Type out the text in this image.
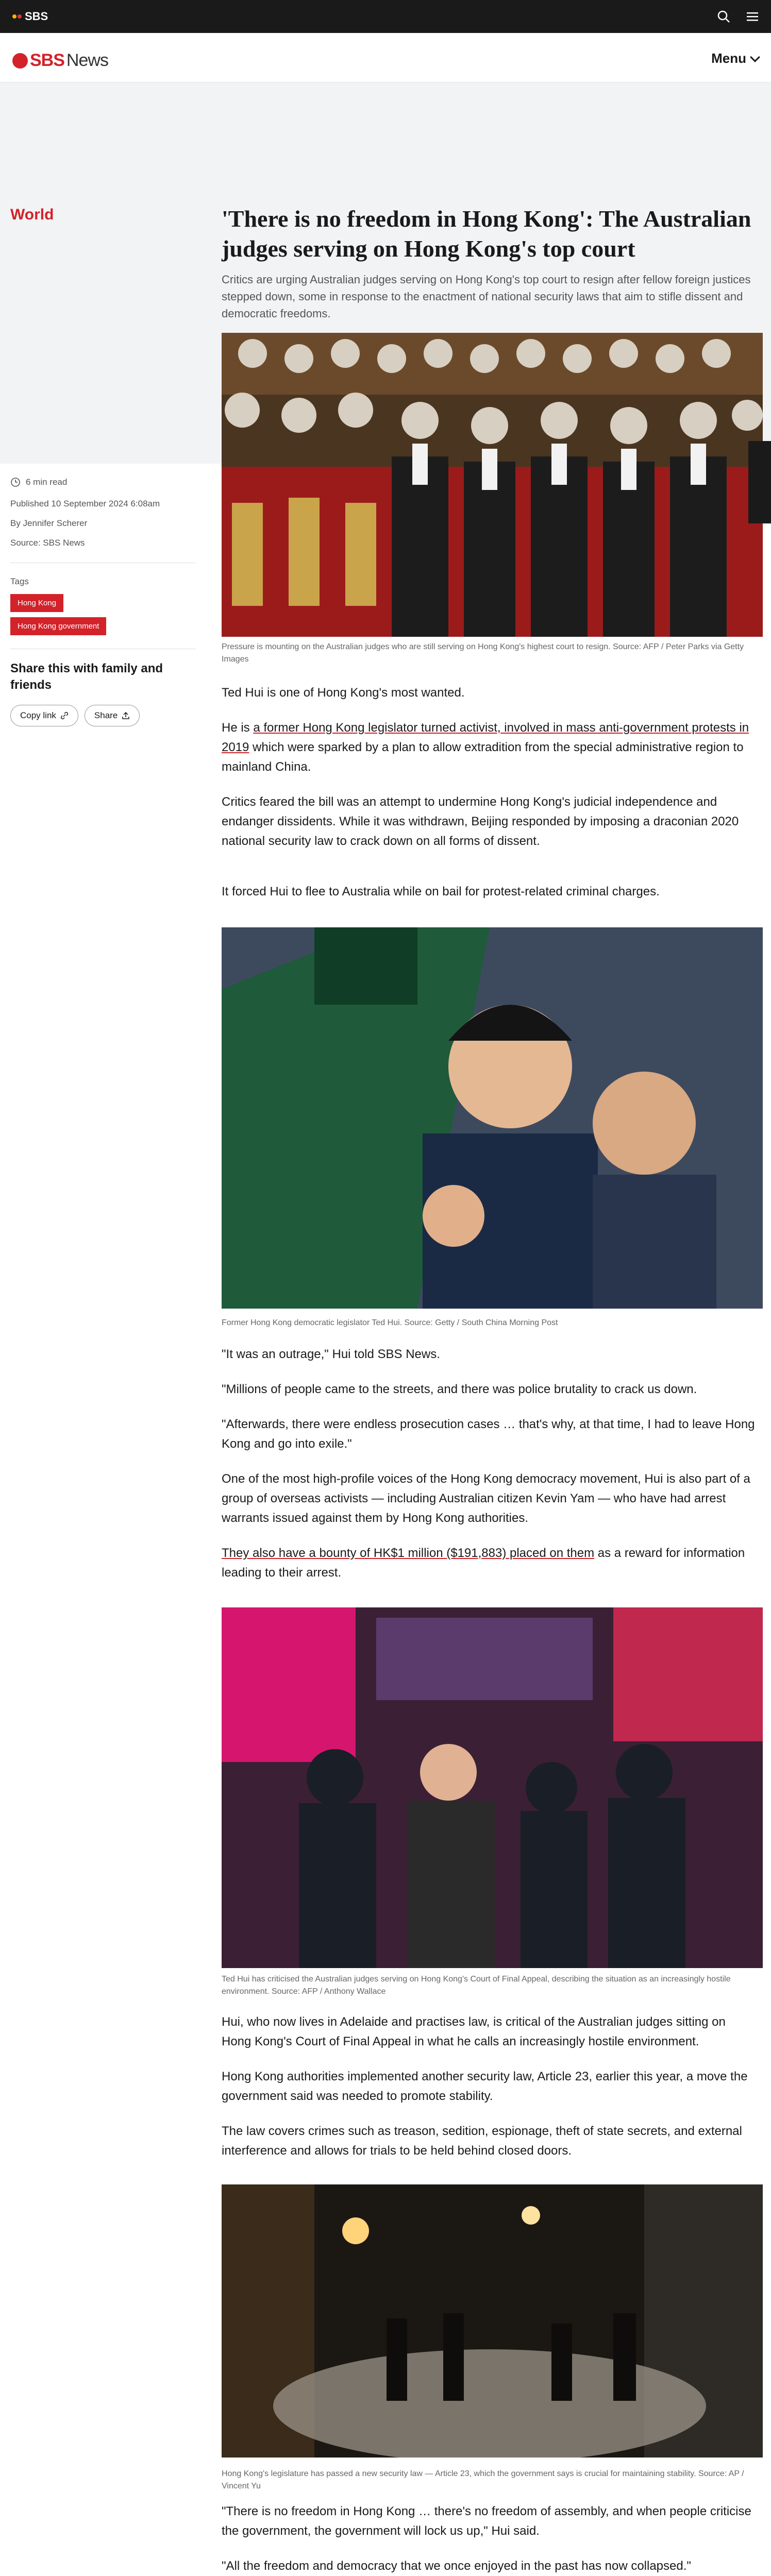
SBS
SBS News	Menu
World	'There is no freedom in Hong Kong': The Australian judges serving on Hong Kong's top court

Critics are urging Australian judges serving on Hong Kong's top court to resign after fellow foreign justices stepped down, some in response to the enactment of national security laws that aim to stifle dissent and democratic freedoms.

Pressure is mounting on the Australian judges who are still serving on Hong Kong's highest court to resign. Source: AFP / Peter Parks via Getty Images
6 min read
Published 10 September 2024 6:08am
By Jennifer Scherer
Source: SBS News
Tags
Hong Kong
Hong Kong government
Share this with family and friends
Copy link	Share

Ted Hui is one of Hong Kong's most wanted.

He is a former Hong Kong legislator turned activist, involved in mass anti-government protests in 2019 which were sparked by a plan to allow extradition from the special administrative region to mainland China.

Critics feared the bill was an attempt to undermine Hong Kong's judicial independence and endanger dissidents. While it was withdrawn, Beijing responded by imposing a draconian 2020 national security law to crack down on all forms of dissent.

It forced Hui to flee to Australia while on bail for protest-related criminal charges.

Former Hong Kong democratic legislator Ted Hui. Source: Getty / South China Morning Post

"It was an outrage," Hui told SBS News.

"Millions of people came to the streets, and there was police brutality to crack us down.

"Afterwards, there were endless prosecution cases … that's why, at that time, I had to leave Hong Kong and go into exile."

One of the most high-profile voices of the Hong Kong democracy movement, Hui is also part of a group of overseas activists — including Australian citizen Kevin Yam — who have had arrest warrants issued against them by Hong Kong authorities.

They also have a bounty of HK$1 million ($191,883) placed on them as a reward for information leading to their arrest.

Ted Hui has criticised the Australian judges serving on Hong Kong's Court of Final Appeal, describing the situation as an increasingly hostile environment. Source: AFP / Anthony Wallace

Hui, who now lives in Adelaide and practises law, is critical of the Australian judges sitting on Hong Kong's Court of Final Appeal in what he calls an increasingly hostile environment.

Hong Kong authorities implemented another security law, Article 23, earlier this year, a move the government said was needed to promote stability.

The law covers crimes such as treason, sedition, espionage, theft of state secrets, and external interference and allows for trials to be held behind closed doors.

Hong Kong's legislature has passed a new security law — Article 23, which the government says is crucial for maintaining stability. Source: AP / Vincent Yu

"There is no freedom in Hong Kong … there's no freedom of assembly, and when people criticise the government, the government will lock us up," Hui said.

"All the freedom and democracy that we once enjoyed in the past has now collapsed."
